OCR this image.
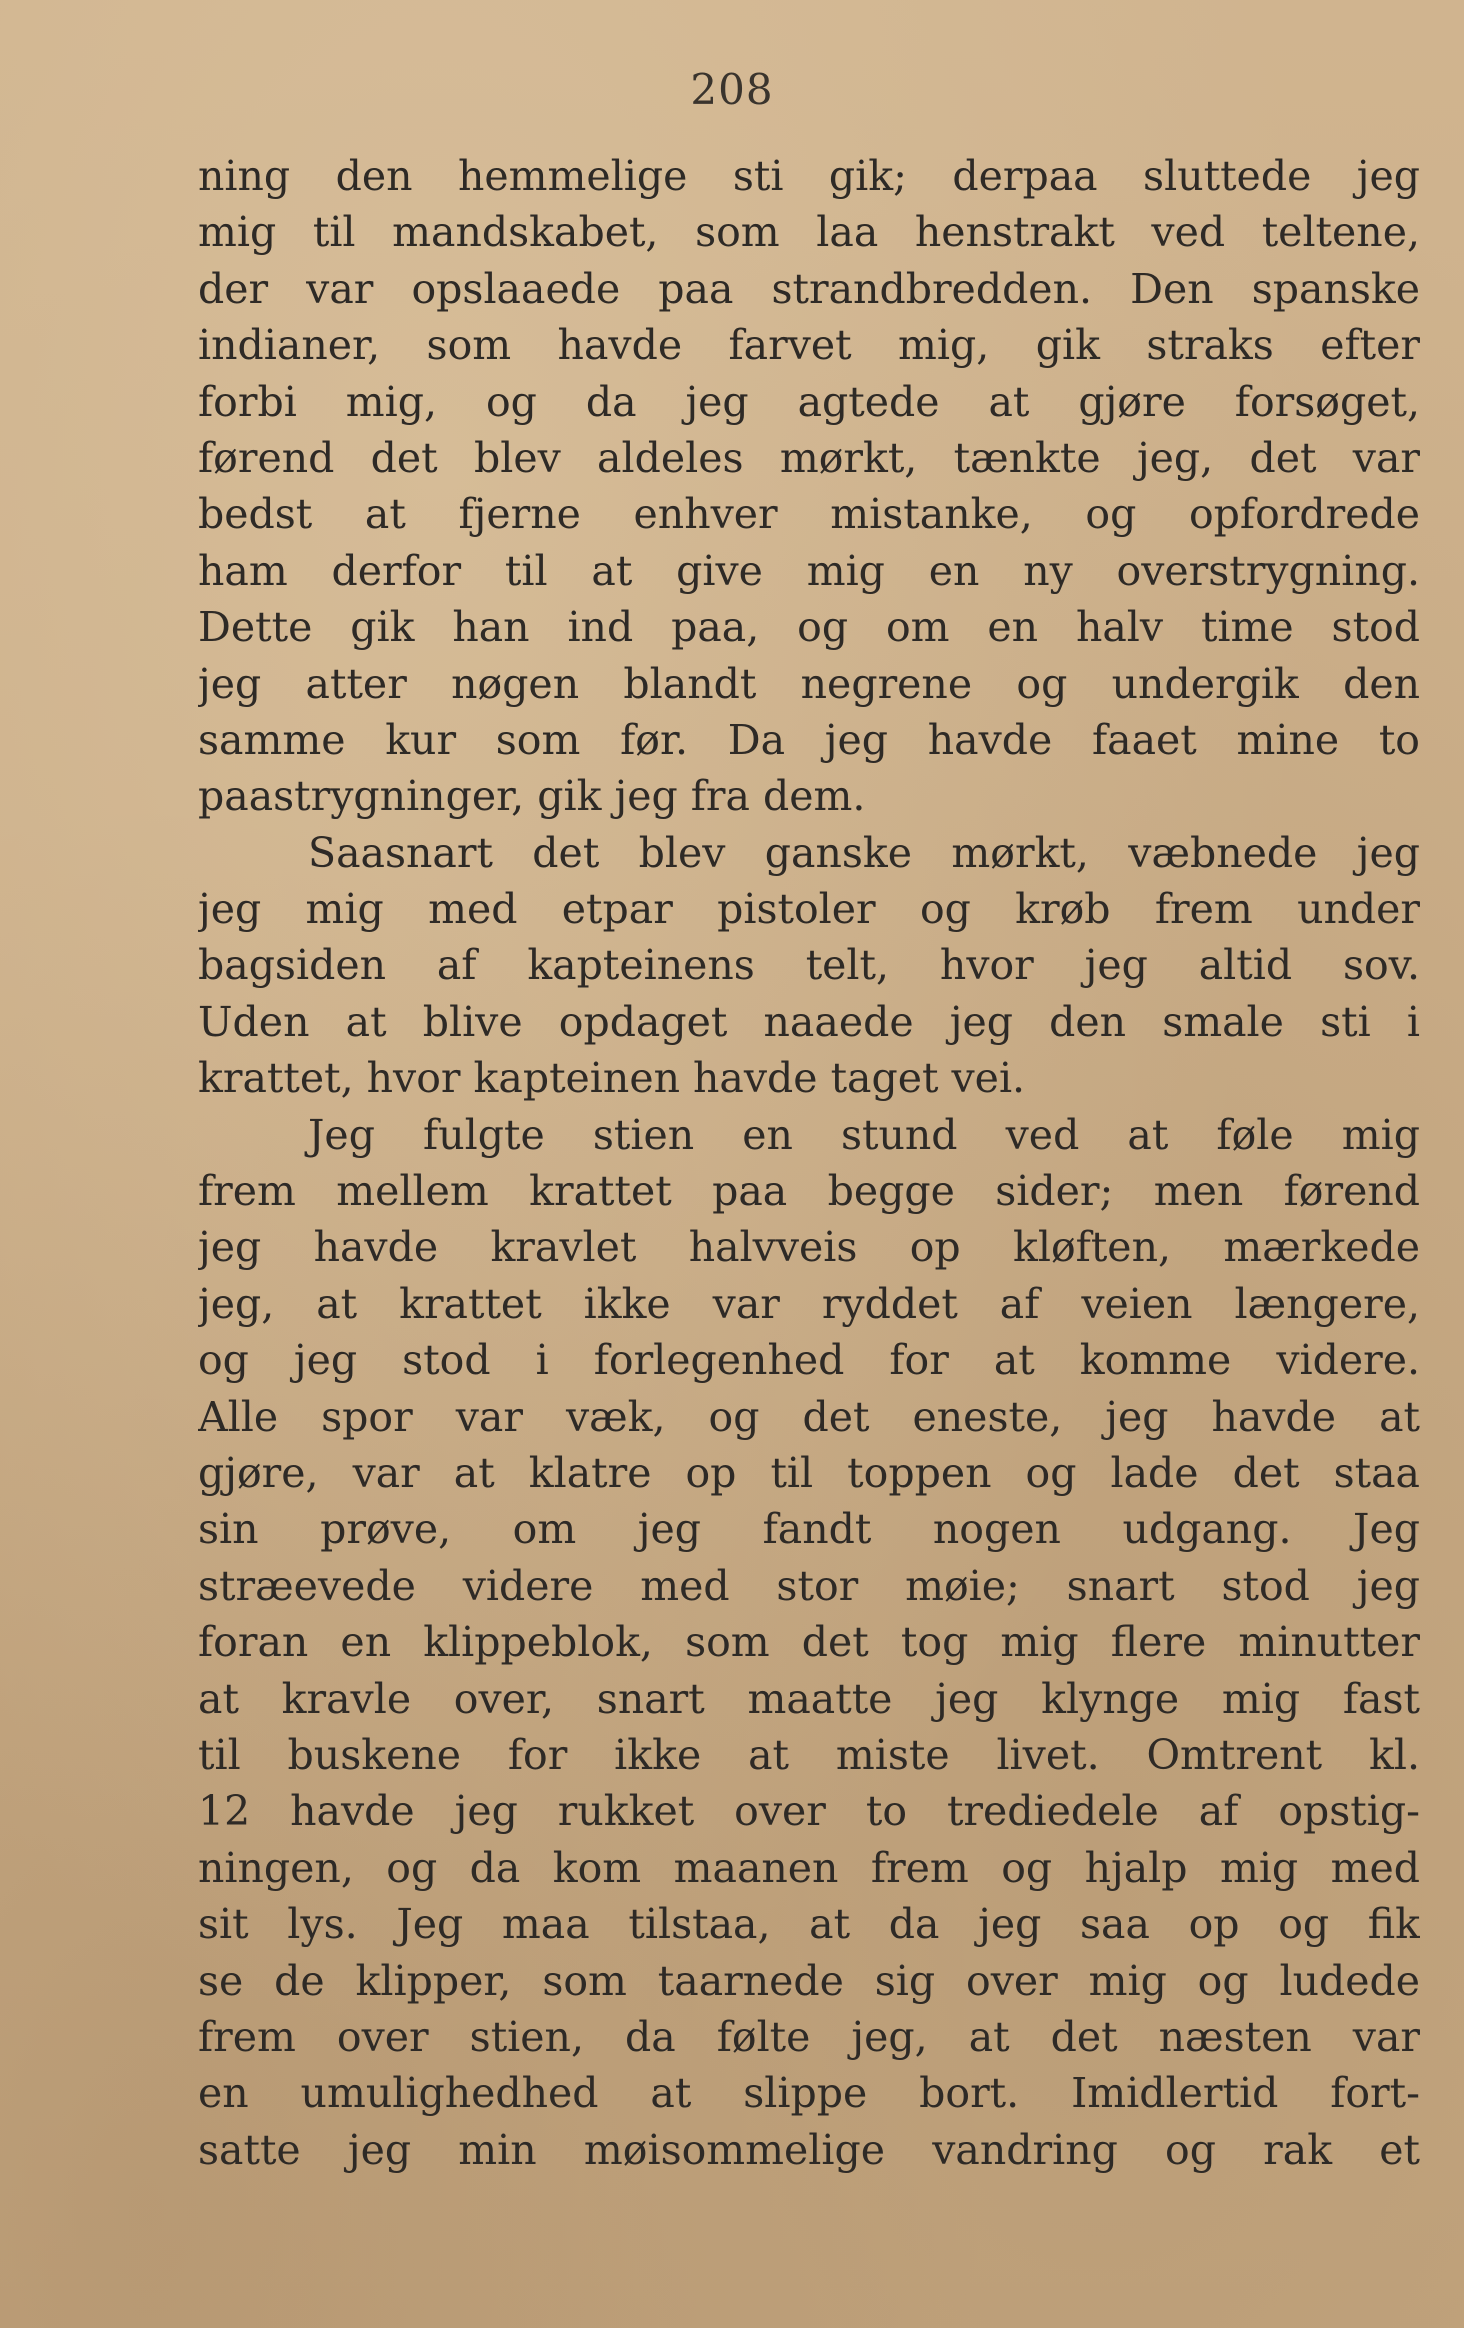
208
ning den hemmelige sti gik; derpaa sluttede jeg
mig til mandskabet, som laa henstrakt ved teltene,
der var opslaaede paa strandbredden. Den spanske
indianer, som havde farvet mig, gik straks efter
forbi mig, og da jeg agtede at gjøre forsøget,
førend det blev aldeles mørkt, tænkte jeg, det var
bedst at fjerne enhver mistanke, og opfordrede
ham derfor til at give mig en ny overstrygning.
Dette gik han ind paa, og om en halv time stod
jeg atter nøgen blandt negrene og undergik den
samme kur som før. Da jeg havde faaet mine to
paastrygninger, gik jeg fra dem.
Saasnart det blev ganske mørkt, væbnede jeg
jeg mig med etpar pistoler og krøb frem under
bagsiden af kapteinens telt, hvor jeg altid sov.
Uden at blive opdaget naaede jeg den smale sti i
krattet, hvor kapteinen havde taget vei.
Jeg fulgte stien en stund ved at føle mig
frem mellem krattet paa begge sider; men førend
jeg havde kravlet halvveis op kløften, mærkede
jeg, at krattet ikke var ryddet af veien længere,
og jeg stod i forlegenhed for at komme videre.
Alle spor var væk, og det eneste, jeg havde at
gjøre, var at klatre op til toppen og lade det staa
sin prøve, om jeg fandt nogen udgang. Jeg
stræevede videre med stor møie; snart stod jeg
foran en klippeblok, som det tog mig flere minutter
at kravle over, snart maatte jeg klynge mig fast
til buskene for ikke at miste livet. Omtrent kl.
12 havde jeg rukket over to trediedele af opstig-
ningen, og da kom maanen frem og hjalp mig med
sit lys. Jeg maa tilstaa, at da jeg saa op og fik
se de klipper, som taarnede sig over mig og ludede
frem over stien, da følte jeg, at det næsten var
en umulighedhed at slippe bort. Imidlertid fort-
satte jeg min møisommelige vandring og rak et
